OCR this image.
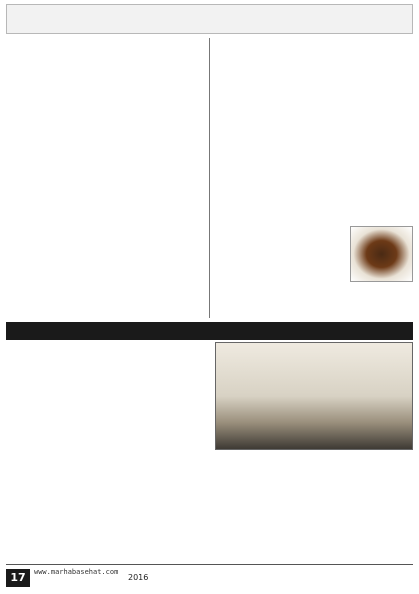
17	www.marhabasehat.com
2016
